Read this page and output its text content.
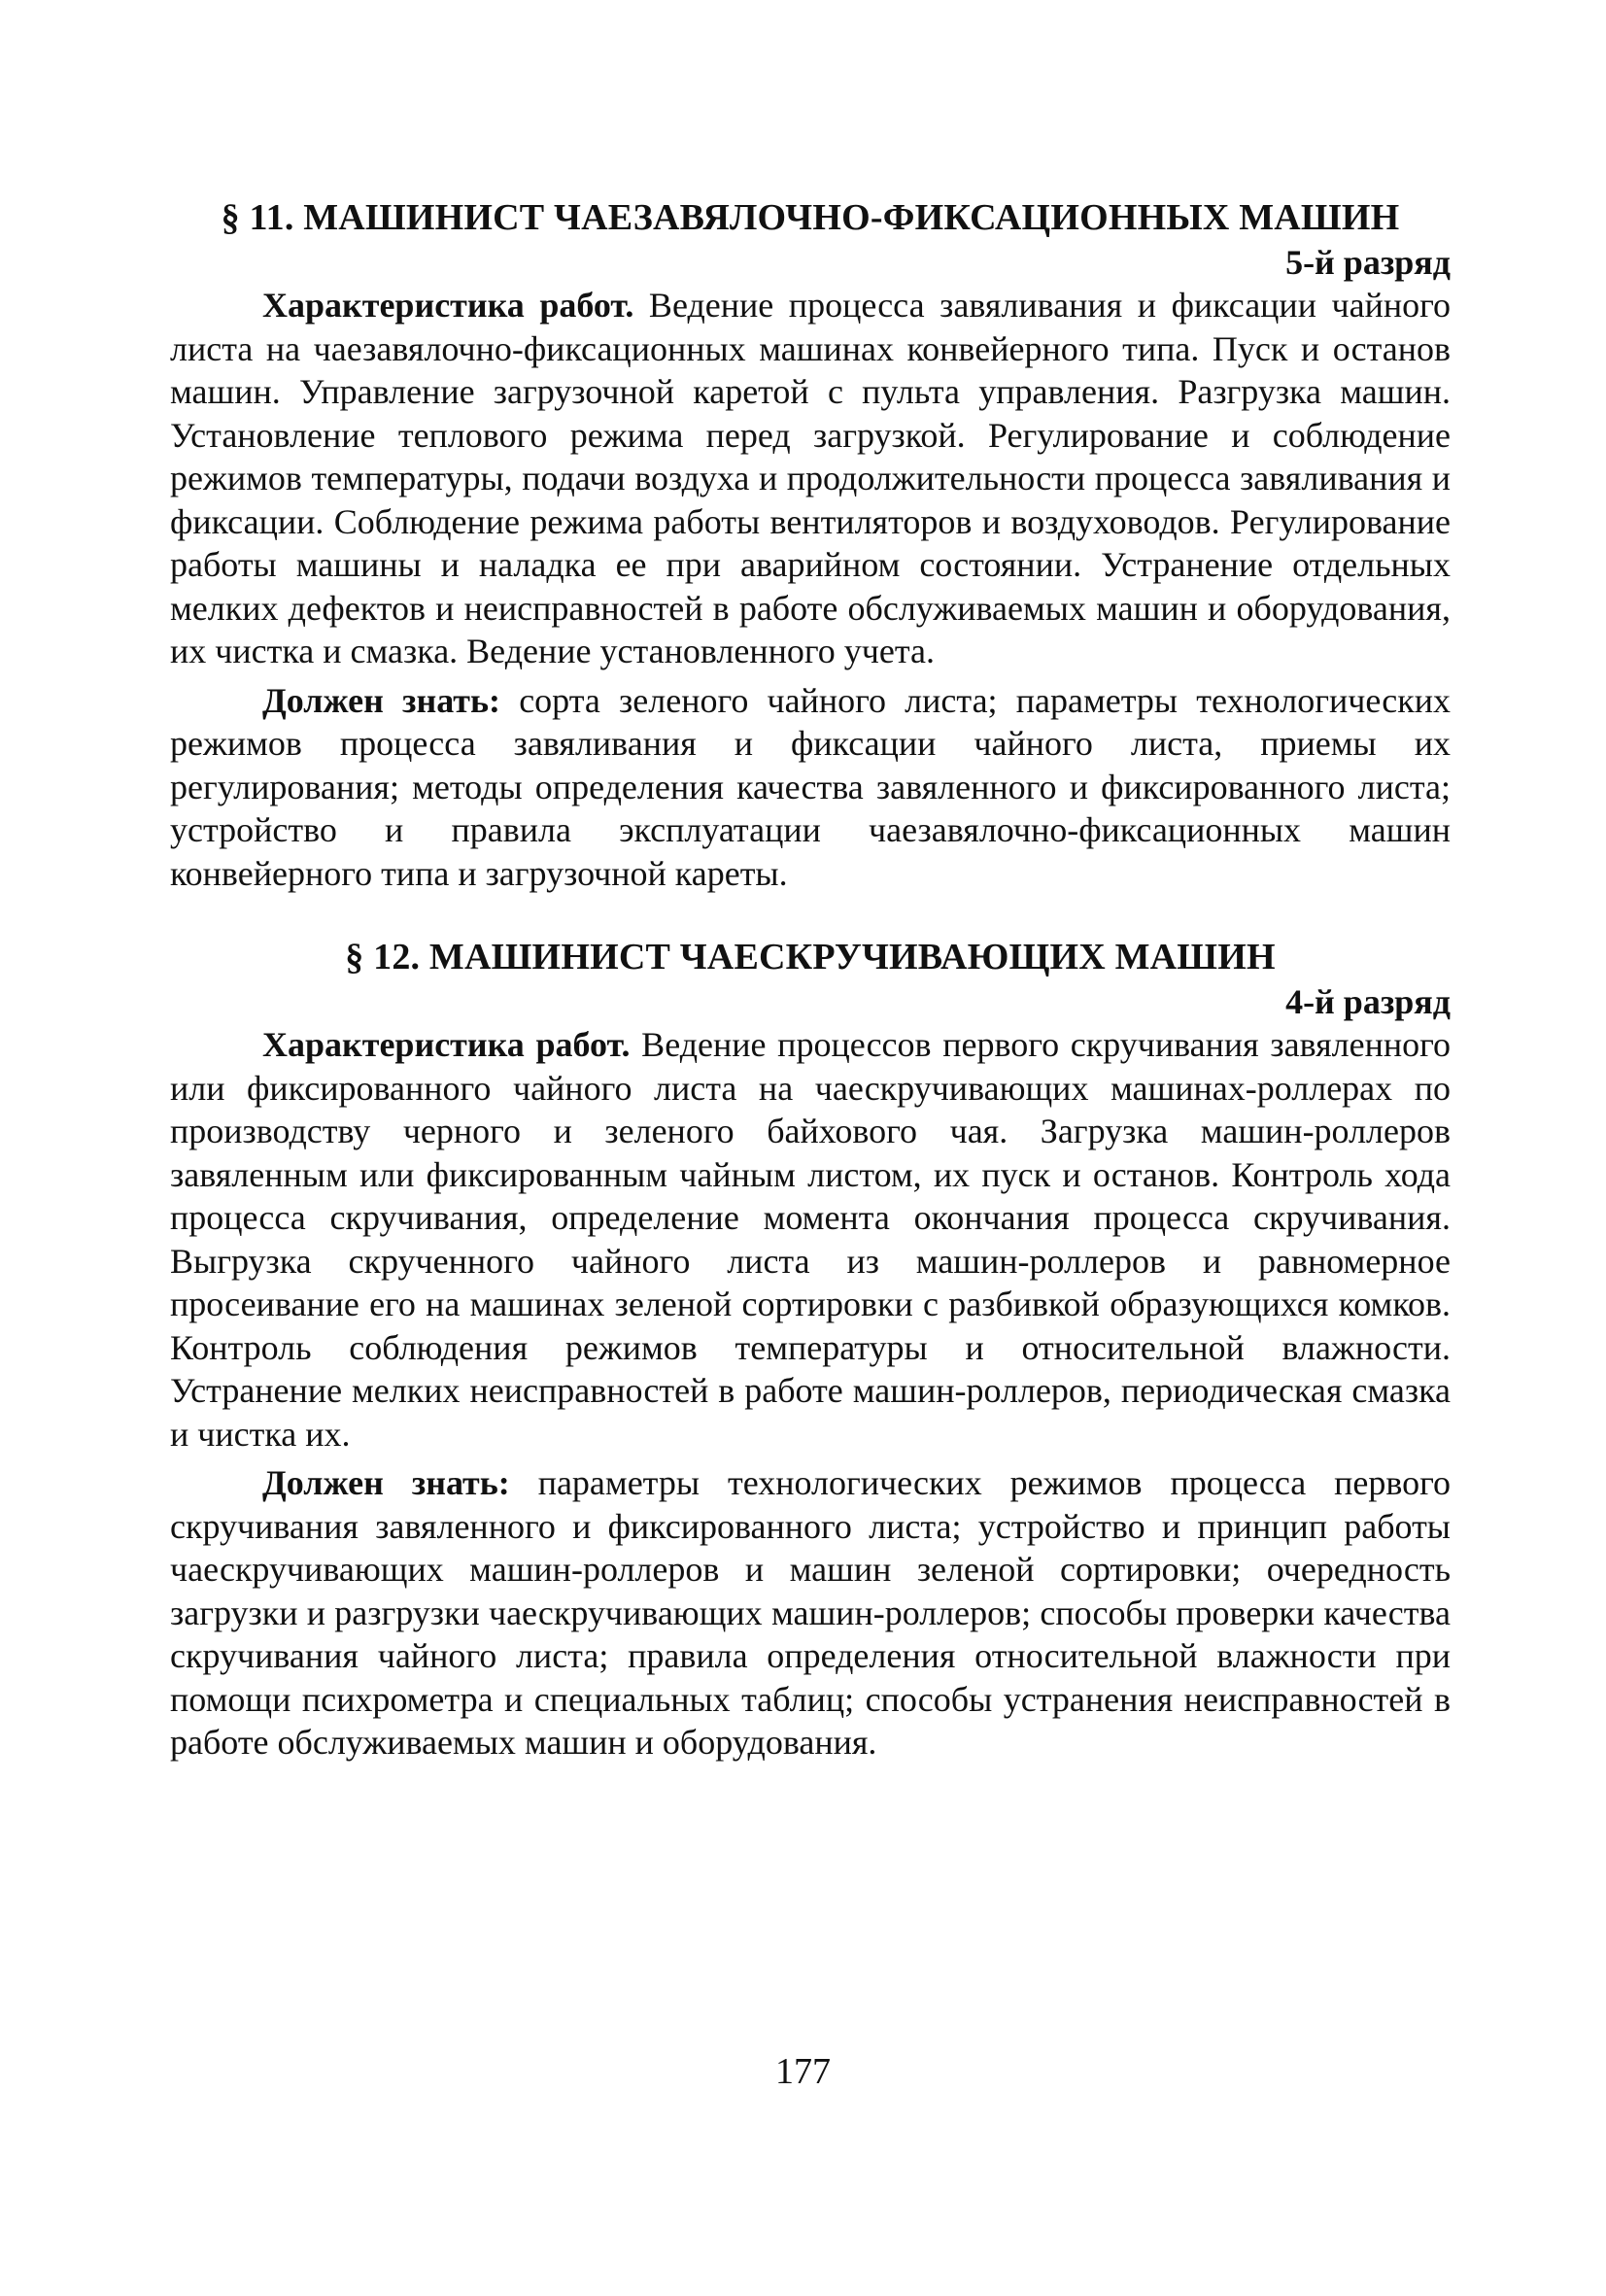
§ 11. МАШИНИСТ ЧАЕЗАВЯЛОЧНО-ФИКСАЦИОННЫХ МАШИН

5-й разряд

Характеристика работ. Ведение процесса завяливания и фиксации чайного листа на чаезавялочно-фиксационных машинах конвейерного типа. Пуск и останов машин. Управление загрузочной каретой с пульта управления. Разгрузка машин. Установление теплового режима перед загрузкой. Регулирование и соблюдение режимов температуры, подачи воздуха и продолжительности процесса завяливания и фиксации. Соблюдение режима работы вентиляторов и воздуховодов. Регулирование работы машины и наладка ее при аварийном состоянии. Устранение отдельных мелких дефектов и неисправностей в работе обслуживаемых машин и оборудования, их чистка и смазка. Ведение установленного учета.

Должен знать: сорта зеленого чайного листа; параметры технологических режимов процесса завяливания и фиксации чайного листа, приемы их регулирования; методы определения качества завяленного и фиксированного листа; устройство и правила эксплуатации чаезавялочно-фиксационных машин конвейерного типа и загрузочной кареты.

§ 12. МАШИНИСТ ЧАЕСКРУЧИВАЮЩИХ МАШИН

4-й разряд

Характеристика работ. Ведение процессов первого скручивания завяленного или фиксированного чайного листа на чаескручивающих машинах-роллерах по производству черного и зеленого байхового чая. Загрузка машин-роллеров завяленным или фиксированным чайным листом, их пуск и останов. Контроль хода процесса скручивания, определение момента окончания процесса скручивания. Выгрузка скрученного чайного листа из машин-роллеров и равномерное просеивание его на машинах зеленой сортировки с разбивкой образующихся комков. Контроль соблюдения режимов температуры и относительной влажности. Устранение мелких неисправностей в работе машин-роллеров, периодическая смазка и чистка их.

Должен знать: параметры технологических режимов процесса первого скручивания завяленного и фиксированного листа; устройство и принцип работы чаескручивающих машин-роллеров и машин зеленой сортировки; очередность загрузки и разгрузки чаескручивающих машин-роллеров; способы проверки качества скручивания чайного листа; правила определения относительной влажности при помощи психрометра и специальных таблиц; способы устранения неисправностей в работе обслуживаемых машин и оборудования.

177
